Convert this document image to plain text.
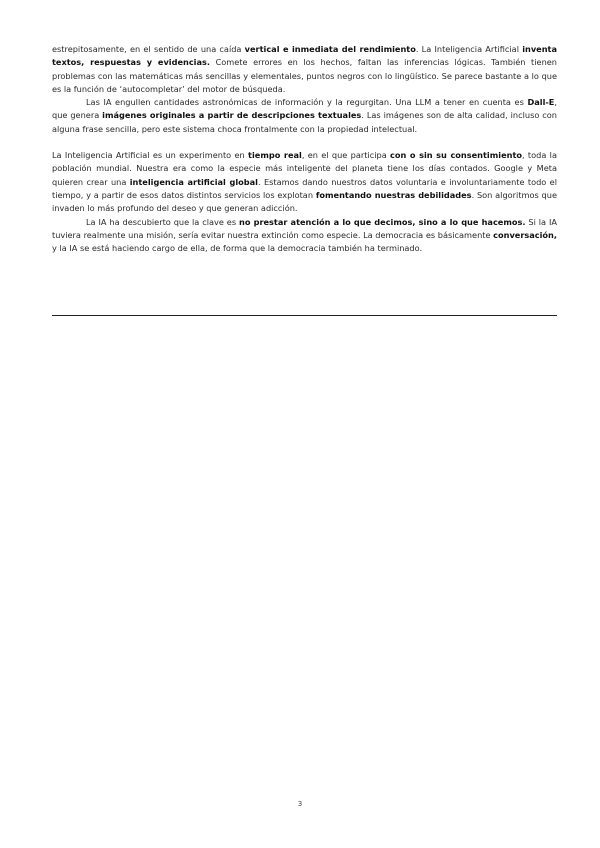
estrepitosamente, en el sentido de una caída vertical e inmediata del rendimiento. La Inteligencia Artificial inventa textos, respuestas y evidencias. Comete errores en los hechos, faltan las inferencias lógicas. También tienen problemas con las matemáticas más sencillas y elementales, puntos negros con lo lingüístico. Se parece bastante a lo que es la función de ‘autocompletar’ del motor de búsqueda.

Las IA engullen cantidades astronómicas de información y la regurgitan. Una LLM a tener en cuenta es Dall-E, que genera imágenes originales a partir de descripciones textuales. Las imágenes son de alta calidad, incluso con alguna frase sencilla, pero este sistema choca frontalmente con la propiedad intelectual.

La Inteligencia Artificial es un experimento en tiempo real, en el que participa con o sin su consentimiento, toda la población mundial. Nuestra era como la especie más inteligente del planeta tiene los días contados. Google y Meta quieren crear una inteligencia artificial global. Estamos dando nuestros datos voluntaria e involuntariamente todo el tiempo, y a partir de esos datos distintos servicios los explotan fomentando nuestras debilidades. Son algoritmos que invaden lo más profundo del deseo y que generan adicción.

La IA ha descubierto que la clave es no prestar atención a lo que decimos, sino a lo que hacemos. Si la IA tuviera realmente una misión, sería evitar nuestra extinción como especie. La democracia es básicamente conversación, y la IA se está haciendo cargo de ella, de forma que la democracia también ha terminado.

3
